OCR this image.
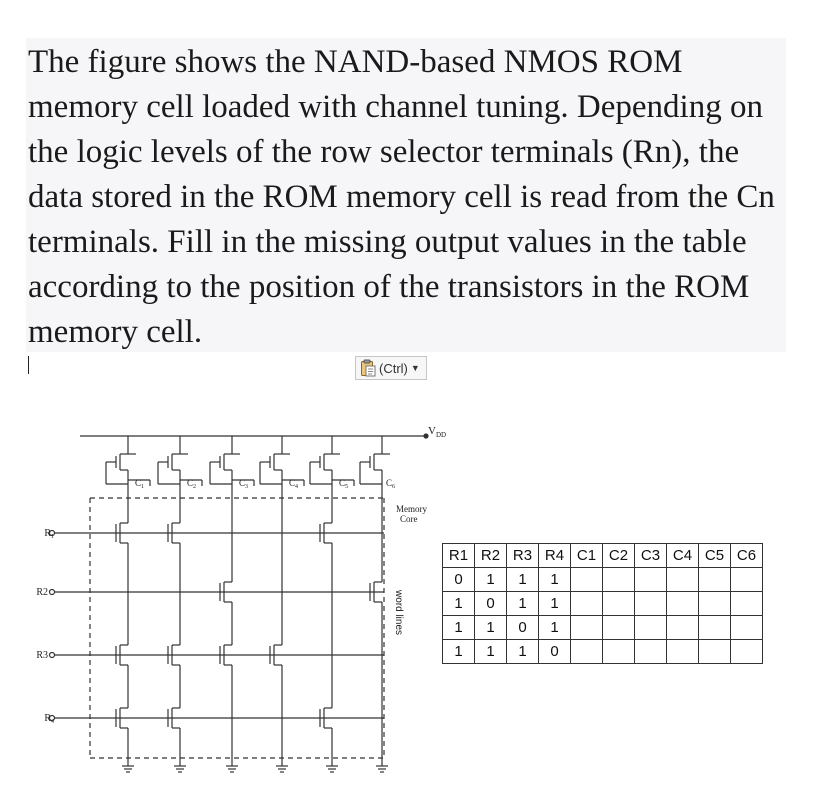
The figure shows the NAND-based NMOS ROM memory cell loaded with channel tuning. Depending on the logic levels of the row selector terminals (Rn), the data stored in the ROM memory cell is read from the Cn terminals. Fill in the missing output values in the table according to the position of the transistors in the ROM memory cell.

(Ctrl) ▼
$V_{DD}$
$C_1$	$C_2$	$C_3$	$C_4$	$C_5$	$C_6$
$R_1$
R2
R3
$R_4$
Memory
Core
word lines
R1	R2	R3	R4	C1	C2	C3	C4	C5	C6
0	1	1	1						
1	0	1	1						
1	1	0	1						
1	1	1	0						
